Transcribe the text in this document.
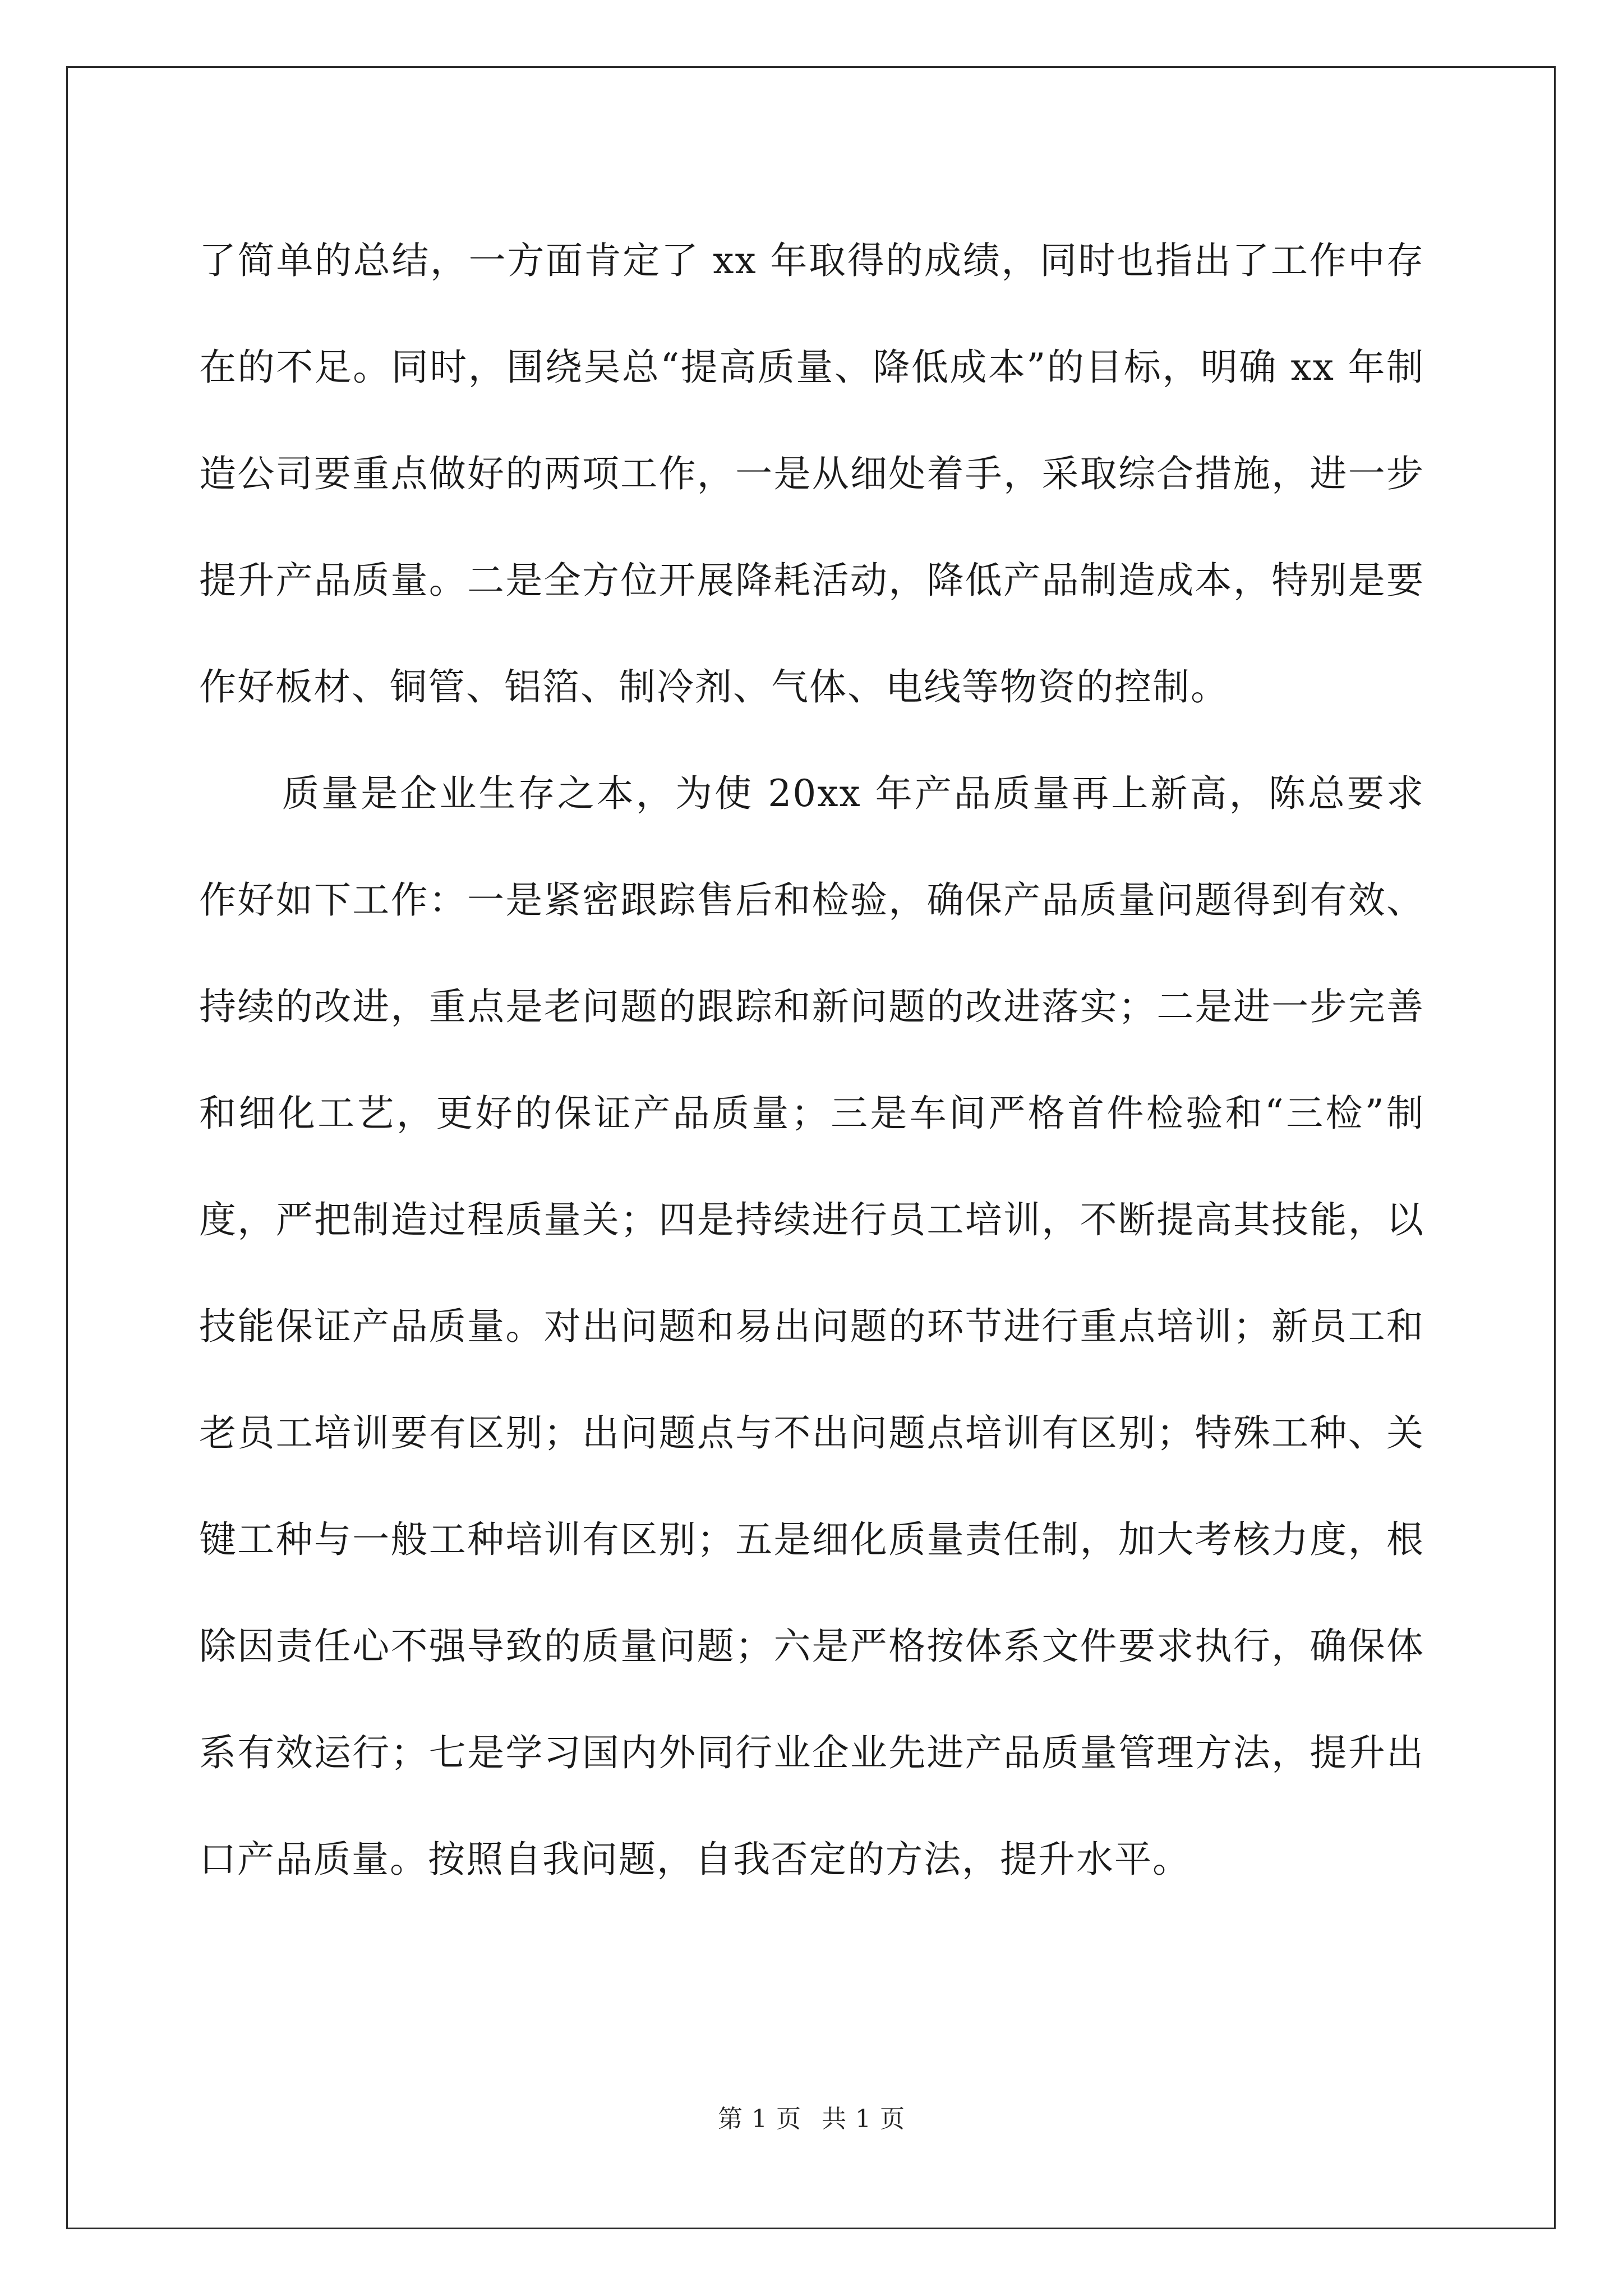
了简单的总结，一方面肯定了 xx 年取得的成绩，同时也指出了工作中存在的不足。同时，围绕吴总“提高质量、降低成本”的目标，明确 xx 年制造公司要重点做好的两项工作，一是从细处着手，采取综合措施，进一步提升产品质量。二是全方位开展降耗活动，降低产品制造成本，特别是要作好板材、铜管、铝箔、制冷剂、气体、电线等物资的控制。

质量是企业生存之本，为使 20xx 年产品质量再上新高，陈总要求作好如下工作：一是紧密跟踪售后和检验，确保产品质量问题得到有效、持续的改进，重点是老问题的跟踪和新问题的改进落实；二是进一步完善和细化工艺，更好的保证产品质量；三是车间严格首件检验和“三检”制度，严把制造过程质量关；四是持续进行员工培训，不断提高其技能，以技能保证产品质量。对出问题和易出问题的环节进行重点培训；新员工和老员工培训要有区别；出问题点与不出问题点培训有区别；特殊工种、关键工种与一般工种培训有区别；五是细化质量责任制，加大考核力度，根除因责任心不强导致的质量问题；六是严格按体系文件要求执行，确保体系有效运行；七是学习国内外同行业企业先进产品质量管理方法，提升出口产品质量。按照自我问题，自我否定的方法，提升水平。

第 1 页 共 1 页
